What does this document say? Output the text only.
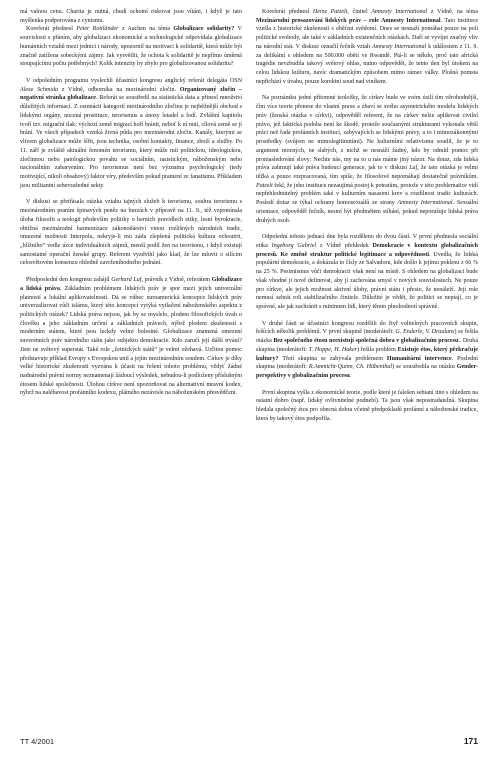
má valnou cenu. Charita je nutná, chudí ochotní riskovat jsou vítáni, i když je tato myšlenka podporována z cynismu.

Koreferát přednesl Peter Rottländer z Aachen na téma Globalizace solidarity? V souvislosti s přáním, aby globalizaci ekonomické a technologické odpovídala globalizace humánních vztahů mezi jednici i národy, upozornil na motivaci k solidaritě, která může být značně zatížena sobeckými zájmy. Jak vysvětlit, že ochota k solidaritě je nepřímo úměrná stoupajícímu počtu potřebných? Kolik intenzity by zbylo pro globalizovanou solidaritu?

V odpoledním programu vyslechli účastníci kongresu anglický referát delegáta OSN Alexe Schmida z Vídně, odborníka na mezinárodní zločin. Organizovaný zločin – negativní stránka globalizace. Referát se soustředil na statistická data a přinesl množství důležitých informací. Z osmnácti kategorií mezinárodního zločinu je nejběžnější obchod s lidskými orgány, nucená prostituce, terorismus a únosy letadel a lodí. Zvláštní kapitolu tvoří tzv. migrační tlak: výchozí země migrací hoří bránit, neboť k ní nutí, cílová země se jí brání. Ve všech případech vzniká živná půda pro mezinárodní zločin. Kanály, kterými se vlivem globalizace může šířit, jsou technika, osobní kontakty, finance, zboží a služby. Po 11. září je zvláště aktuální fenomén terorismu, který může mít politickou, ideologickou, zločinnou nebo patologickou povahu se sociálním, rasistickým, náboženským nebo nacionálním zabarvením. Pro terorismus není bez významu psychologický (tedy motivující, nikoli obsahový) faktor víry, především pokud pramení ze fanatismu. Příkladem jsou militantní sebevražedné sekty.

V diskusi se přetřásala otázka vztahu tajných služeb k terorismu, souhra terorismu s mezinárodním praním špinavých peněz na burzách v přípravě na 11. 9., též vzpomínala úloha filosofii a teologii především politiky o hernich pravidlech etiky, lesní byrokracie, obtížná mezinárodní harmonizace zákonodárství vinou rozlišných národních tradic, omezené možnosti Interpolu, nekryje-li mu záda zlepšená politická kultura ochoutrit, „blížního“ vedle úzce individuálních zájmů, menší podíl žen na terorismu, i když existují samostatné operační ženské grupy. Referent vyzdvihl jako klad, že lze mluvit o silícím celosvětovém konsenzu ohledně zavrženíhodného jednání.

Předposlední den kongresu zahájil Gerhard Luf, právník z Vídně, referátem Globalizace a lidská práva. Základním problémem lidských práv je spor mezi jejich univerzální platností a lokální aplikovatelností. Dá se vůbec euroamerická koncepce lidských práv univerzalizovat vůči islámu, který této koncepci vytýká vytlačení náboženského aspektu z politických otázek? Lidská práva nejsou, jak by se myslelo, plodem filosofických úvah o člověku a jeho základním určení a základních právech, nýbrž plodem zkušeností s moderním státem, které jsou leckdy velmi bolestné. Globalizace znamená omezení suverénních práv národního státu jako subjektu demokracie. Kdo zaručí její dálší trvání? Jiste ne světový superstát. Také role „četnických států“ je velmi ožehavá. Určitou pomoc představuje příklad Evropy s Evropskou unií a jejím mezinárodním soudem. Církev je díky velké historické zkušenosti vyzvána k účasti na řešení tohoto problému, vždyť žádné nadnárodní právní normy neznamenají žádoucí výsledek, nebudou-li podloženy příslušným étosem lidské společnosti. Úlohou církve není upozorňovat na alternativní mravní kodex, nýbrž na naléhavost profánního kodexu, plátného nezávisle na náboženském přesvědčení.

Koreferát přednesl Heinz Patzelt, činitel Amnesty International z Vídně, na téma Mezinárodní prosazování lidských práv – role Amnesty International. Tato instituce vzešla z historické zkušenosti s oběťmi svědomí. Dnes se nesnaží pomáhat pouze na poli politické svobody, ale také v základních existenčních otázkách. Daří se vyvíjet značný vliv na národní stát. V diskusi označil řečník vztah Amnesty International k událostem z 11. 9. za delikátní s ohledem na 500.000 obětí ve Rwandě. Ptá-li se někdo, proč tato africká tragédie nevzbudila takový světový ohlas, nutno odpovědět, že tento den byl útokem na celou lidskou kulturu, navíc dramatickým způsobem mimo rámec války. Plošná pomsta nepřichází v úvahu, pouze korektní soud nad viníkem.

Na poznámku jedné přítomné teoložky, že církev bude ve svém úsilí tím věrohodnější, čím více teorie přenese do vlastní praxe a zbaví se svého asymetrického modelu lidských práv (ženská otázka v církvi), odpověděl referent, že na církev nelze aplikovat civilní právo, jež faktická podoba není ke škodě, protože současnými strukturami vykonala větší práci než řada profánních institucí, zabývajících se lidskými právy, a to i mimozákonnými prostředky (svůjem ne mimolegitimními). Ne kulturními relativismu soudil, že je to argument mocných, ne slabých, z nichž se nesnáží žádný, kdo by odmítl pomoc při proniasledování slovy: Nechte nás, my na to u nás máme jiný názor. Na dotaz, zda lidská práva zahrnují také práva budoucí generace, jak to v diskusi Luf, že tato otázka je velmi těžká a pouze rozpracovaná, tím spíše, že filosofové nepomáhají dostatečně právníkům. Patzelt řekl, že jeho instituce nezaujímá postoj k potratům, protože v této problematice vidí nepřehlednutelný problém také v kulturním nasazení krev a rozdílnost tradic kulturách. Posledí dotaz se týkal ochrany homosexuálů ze strany Amnesty International. Sexuální orientace, odpověděl řečník, nesmí být předmětem stíhání, pokud neporušuje lidská práva druhých osob.

Odpolední tohoto jednací dne byla rozděleno do dvou částí. V první přednesla sociální etika Ingeborg Gabriel z Vídně přehledek Demokracie v kontextu globalizačních procesů. Ke změně struktur politické legitimace a odpovědnosti. Uvedla, že lidská populární demokracie, a dokázala to čísly ze Salvadoru, kde došlo k jejímu poklesu z 66 % na 25 %. Pesimismus vůči demokracii však není na místě. S ohledem na globalizaci bude však vhodné ji nově definovat, aby jí zachována smysl v nových souvislostech. Ne pouze pro církve, ale jejich možnost aktivní úlohy, právní státu i přesto, že nenáleží. Její role nemusí sehrát roli stabilizačního činitele. Důležité je vědět, že politici se neptají, co je správné, ale jak zachránit s minimem lidí, který těmto plnohodnotí správné.

V druhé části se účastníci kongresu rozdělili do čtyř volitelných pracovních skupin, řešících několik problémů. V první skupině (moderátoři: G. Enderle, V. Draulans) se řešila otázka Bez společného étosu neexistují společná dobra v globalizačním procesu.. Druhá skupina (moderátoři: T. Hoppe, H. Haker) řešila problém Existuje étos, který překračuje kultury? Třetí skupina se zabývala problémem Humanitární intervence. Poslední skupina (moderátoři: R.Ammicht-Quinn, Ch. Hübenthal) se soustředila na otázku Gender-perspektivy v globalizačním procesu.

První skupina vyšla z ekonomické teorie, podle které je falešen sebianí itno s ohledem na ostatní dobro (např. lidský ovlivnitelné podnebí). Ta jsou však nepostradatelná. Skupina hledala společný étos pro obecná dobra včetně předpokladů profánní a náboženské tradice, která by takový étos podpořila.

TT 4/2001	171
